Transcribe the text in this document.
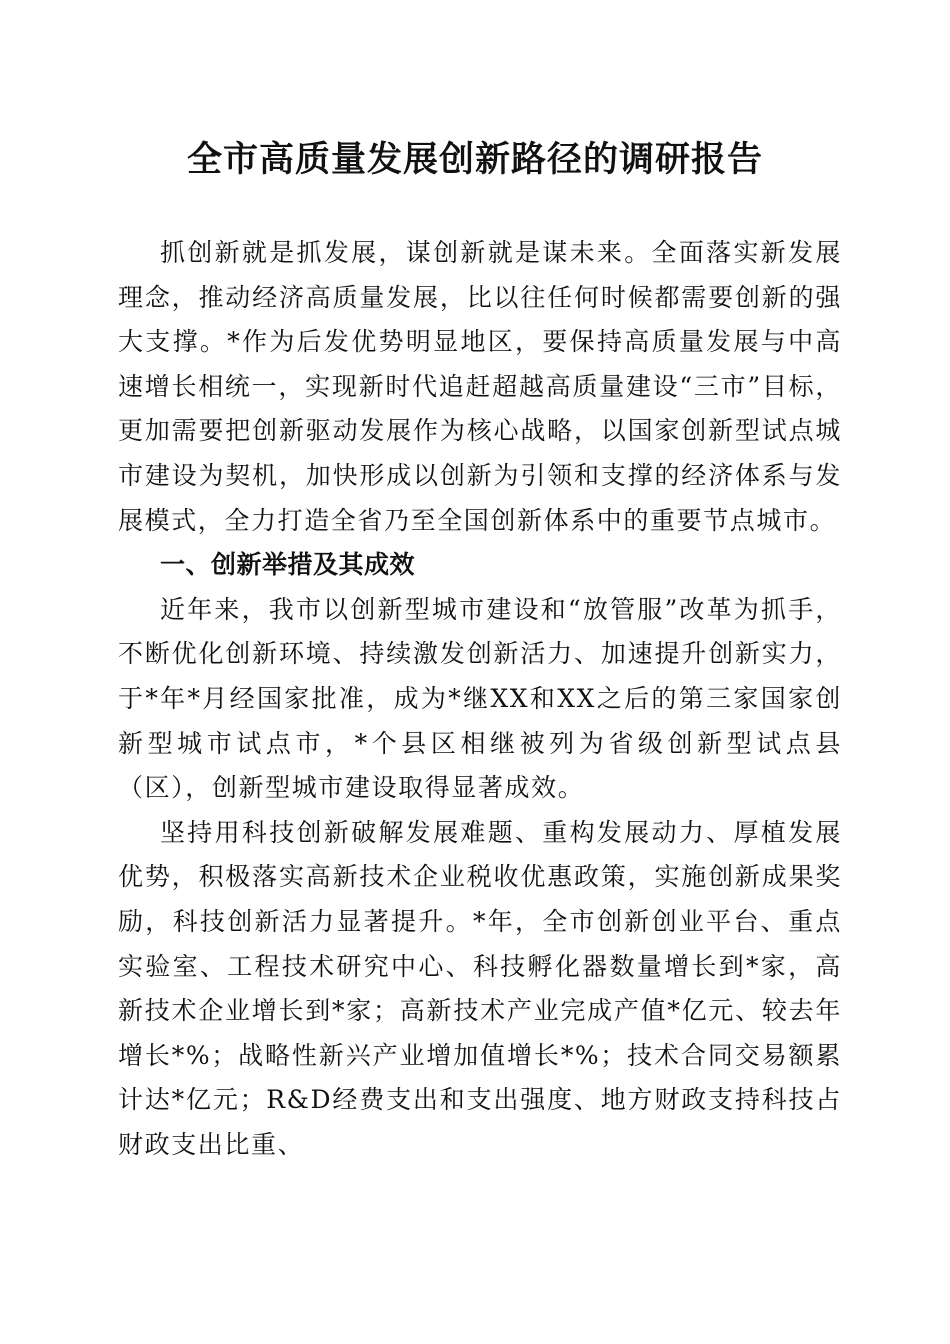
全市高质量发展创新路径的调研报告

抓创新就是抓发展，谋创新就是谋未来。全面落实新发展理念，推动经济高质量发展，比以往任何时候都需要创新的强大支撑。*作为后发优势明显地区，要保持高质量发展与中高速增长相统一，实现新时代追赶超越高质量建设“三市”目标，更加需要把创新驱动发展作为核心战略，以国家创新型试点城市建设为契机，加快形成以创新为引领和支撑的经济体系与发展模式，全力打造全省乃至全国创新体系中的重要节点城市。

一、创新举措及其成效

近年来，我市以创新型城市建设和“放管服”改革为抓手，不断优化创新环境、持续激发创新活力、加速提升创新实力，于*年*月经国家批准，成为*继XX和XX之后的第三家国家创新型城市试点市，*个县区相继被列为省级创新型试点县（区），创新型城市建设取得显著成效。

坚持用科技创新破解发展难题、重构发展动力、厚植发展优势，积极落实高新技术企业税收优惠政策，实施创新成果奖励，科技创新活力显著提升。*年，全市创新创业平台、重点实验室、工程技术研究中心、科技孵化器数量增长到*家，高新技术企业增长到*家；高新技术产业完成产值*亿元、较去年增长*%；战略性新兴产业增加值增长*%；技术合同交易额累计达*亿元；R&D经费支出和支出强度、地方财政支持科技占财政支出比重、
